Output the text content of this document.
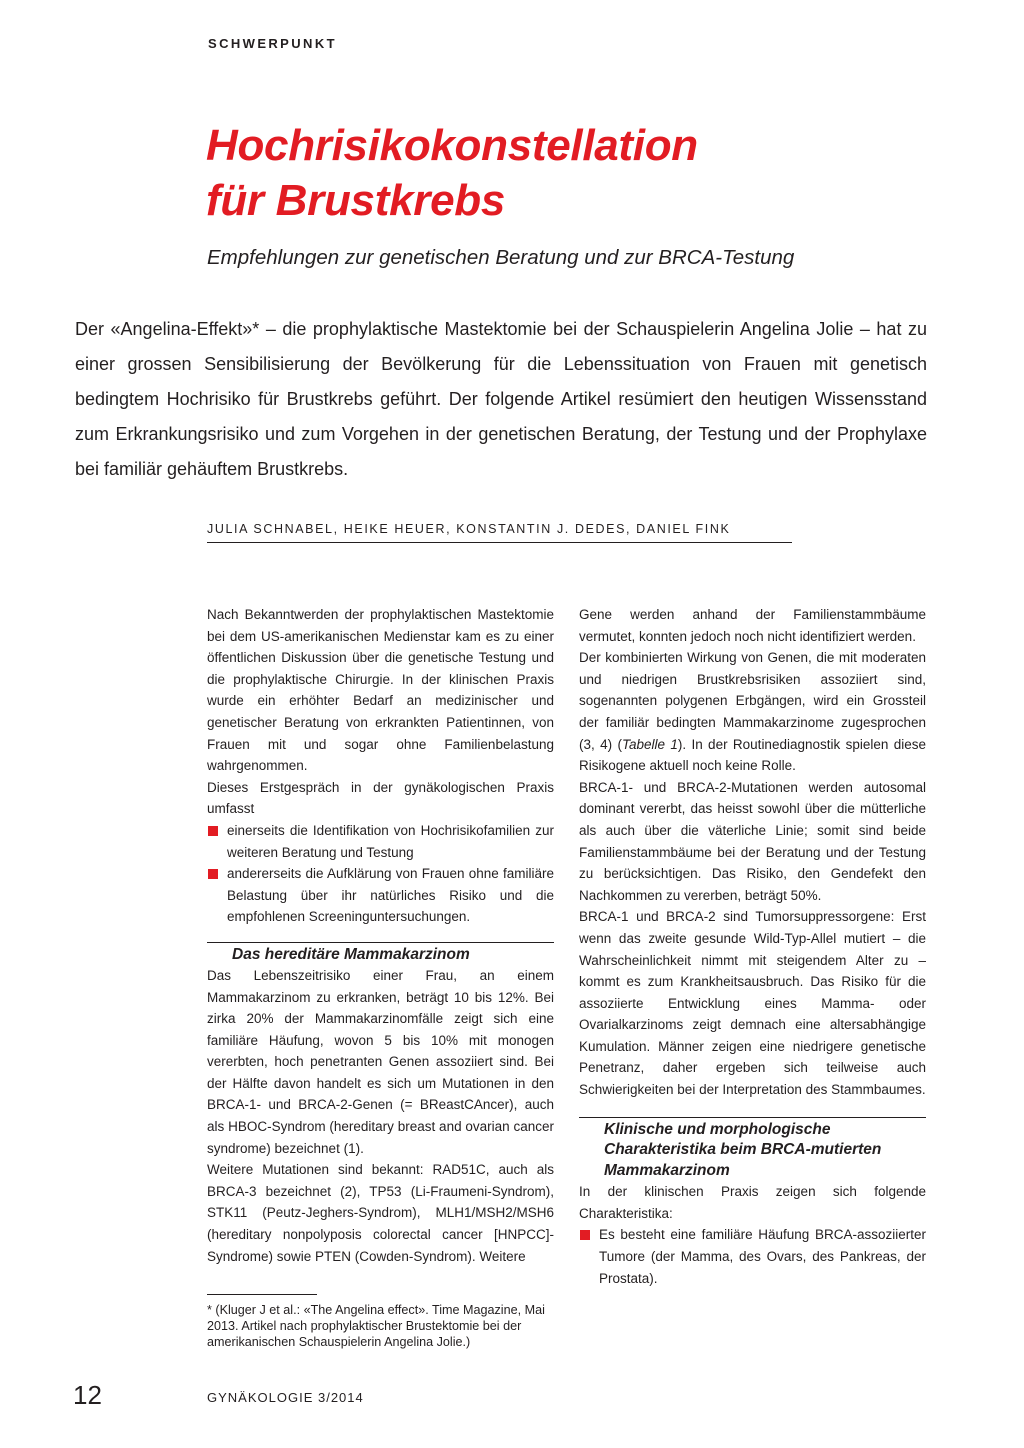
SCHWERPUNKT
Hochrisikokonstellation
für Brustkrebs
Empfehlungen zur genetischen Beratung und zur BRCA-Testung
Der «Angelina-Effekt»* – die prophylaktische Mastektomie bei der Schauspielerin Angelina Jolie – hat zu einer grossen Sensibilisierung der Bevölkerung für die Lebenssituation von Frauen mit genetisch bedingtem Hochrisiko für Brustkrebs geführt. Der folgende Artikel resümiert den heutigen Wissensstand zum Erkrankungsrisiko und zum Vorgehen in der genetischen Beratung, der Testung und der Prophylaxe bei familiär gehäuftem Brustkrebs.
JULIA SCHNABEL, HEIKE HEUER, KONSTANTIN J. DEDES, DANIEL FINK

Nach Bekanntwerden der prophylaktischen Mastektomie bei dem US-amerikanischen Medienstar kam es zu einer öffentlichen Diskussion über die genetische Testung und die prophylaktische Chirurgie. In der klinischen Praxis wurde ein erhöhter Bedarf an medizinischer und genetischer Beratung von erkrankten Patientinnen, von Frauen mit und sogar ohne Familienbelastung wahrgenommen.

Dieses Erstgespräch in der gynäkologischen Praxis umfasst

einerseits die Identifikation von Hochrisikofamilien zur weiteren Beratung und Testung
andererseits die Aufklärung von Frauen ohne familiäre Belastung über ihr natürliches Risiko und die empfohlenen Screeninguntersuchungen.
Das hereditäre Mammakarzinom

Das Lebenszeitrisiko einer Frau, an einem Mammakarzinom zu erkranken, beträgt 10 bis 12%. Bei zirka 20% der Mammakarzinomfälle zeigt sich eine familiäre Häufung, wovon 5 bis 10% mit monogen vererbten, hoch penetranten Genen assoziiert sind. Bei der Hälfte davon handelt es sich um Mutationen in den BRCA-1- und BRCA-2-Genen (= BReastCAncer), auch als HBOC-Syndrom (hereditary breast and ovarian cancer syndrome) bezeichnet (1).

Weitere Mutationen sind bekannt: RAD51C, auch als BRCA-3 bezeichnet (2), TP53 (Li-Fraumeni-Syndrom), STK11 (Peutz-Jeghers-Syndrom), MLH1/MSH2/MSH6 (hereditary nonpolyposis colorectal cancer [HNPCC]-Syndrome) sowie PTEN (Cowden-Syndrom). Weitere

* (Kluger J et al.: «The Angelina effect». Time Magazine, Mai 2013. Artikel nach prophylaktischer Brustektomie bei der amerikanischen Schauspielerin Angelina Jolie.)

Gene werden anhand der Familienstammbäume vermutet, konnten jedoch noch nicht identifiziert werden.

Der kombinierten Wirkung von Genen, die mit moderaten und niedrigen Brustkrebsrisiken assoziiert sind, sogenannten polygenen Erbgängen, wird ein Grossteil der familiär bedingten Mammakarzinome zugesprochen (3, 4) (Tabelle 1). In der Routinediagnostik spielen diese Risikogene aktuell noch keine Rolle.

BRCA-1- und BRCA-2-Mutationen werden autosomal dominant vererbt, das heisst sowohl über die mütterliche als auch über die väterliche Linie; somit sind beide Familienstammbäume bei der Beratung und der Testung zu berücksichtigen. Das Risiko, den Gendefekt den Nachkommen zu vererben, beträgt 50%.

BRCA-1 und BRCA-2 sind Tumorsuppressorgene: Erst wenn das zweite gesunde Wild-Typ-Allel mutiert – die Wahrscheinlichkeit nimmt mit steigendem Alter zu – kommt es zum Krankheitsausbruch. Das Risiko für die assoziierte Entwicklung eines Mamma- oder Ovarialkarzinoms zeigt demnach eine altersabhängige Kumulation. Männer zeigen eine niedrigere genetische Penetranz, daher ergeben sich teilweise auch Schwierigkeiten bei der Interpretation des Stammbaumes.

Klinische und morphologische Charakteristika beim BRCA-mutierten Mammakarzinom

In der klinischen Praxis zeigen sich folgende Charakteristika:

Es besteht eine familiäre Häufung BRCA-assoziierter Tumore (der Mamma, des Ovars, des Pankreas, der Prostata).
12	GYNÄKOLOGIE 3/2014
